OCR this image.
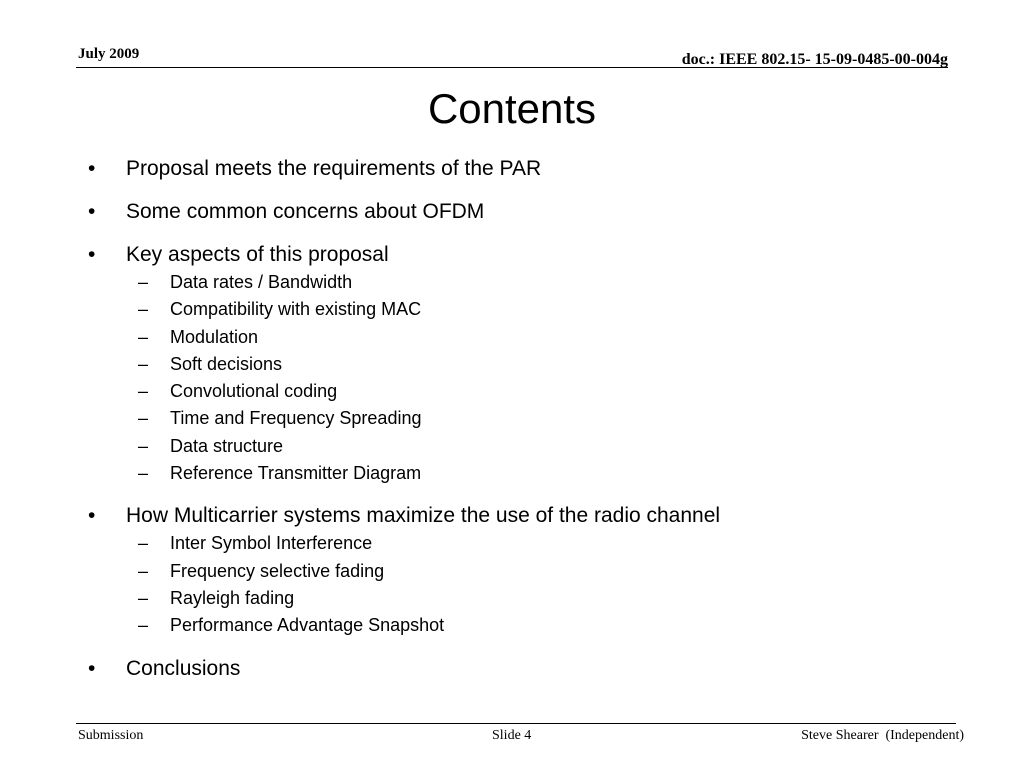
July 2009	doc.: IEEE 802.15- 15-09-0485-00-004g
Contents
•	Proposal meets the requirements of the PAR
•	Some common concerns about OFDM
•	Key aspects of this proposal
–	Data rates / Bandwidth
–	Compatibility with existing MAC
–	Modulation
–	Soft decisions
–	Convolutional coding
–	Time and Frequency Spreading
–	Data structure
–	Reference Transmitter Diagram
•	How Multicarrier systems maximize the use of the radio channel
–	Inter Symbol Interference
–	Frequency selective fading
–	Rayleigh fading
–	Performance Advantage Snapshot
•	Conclusions
Submission	Slide 4	Steve Shearer  (Independent)
